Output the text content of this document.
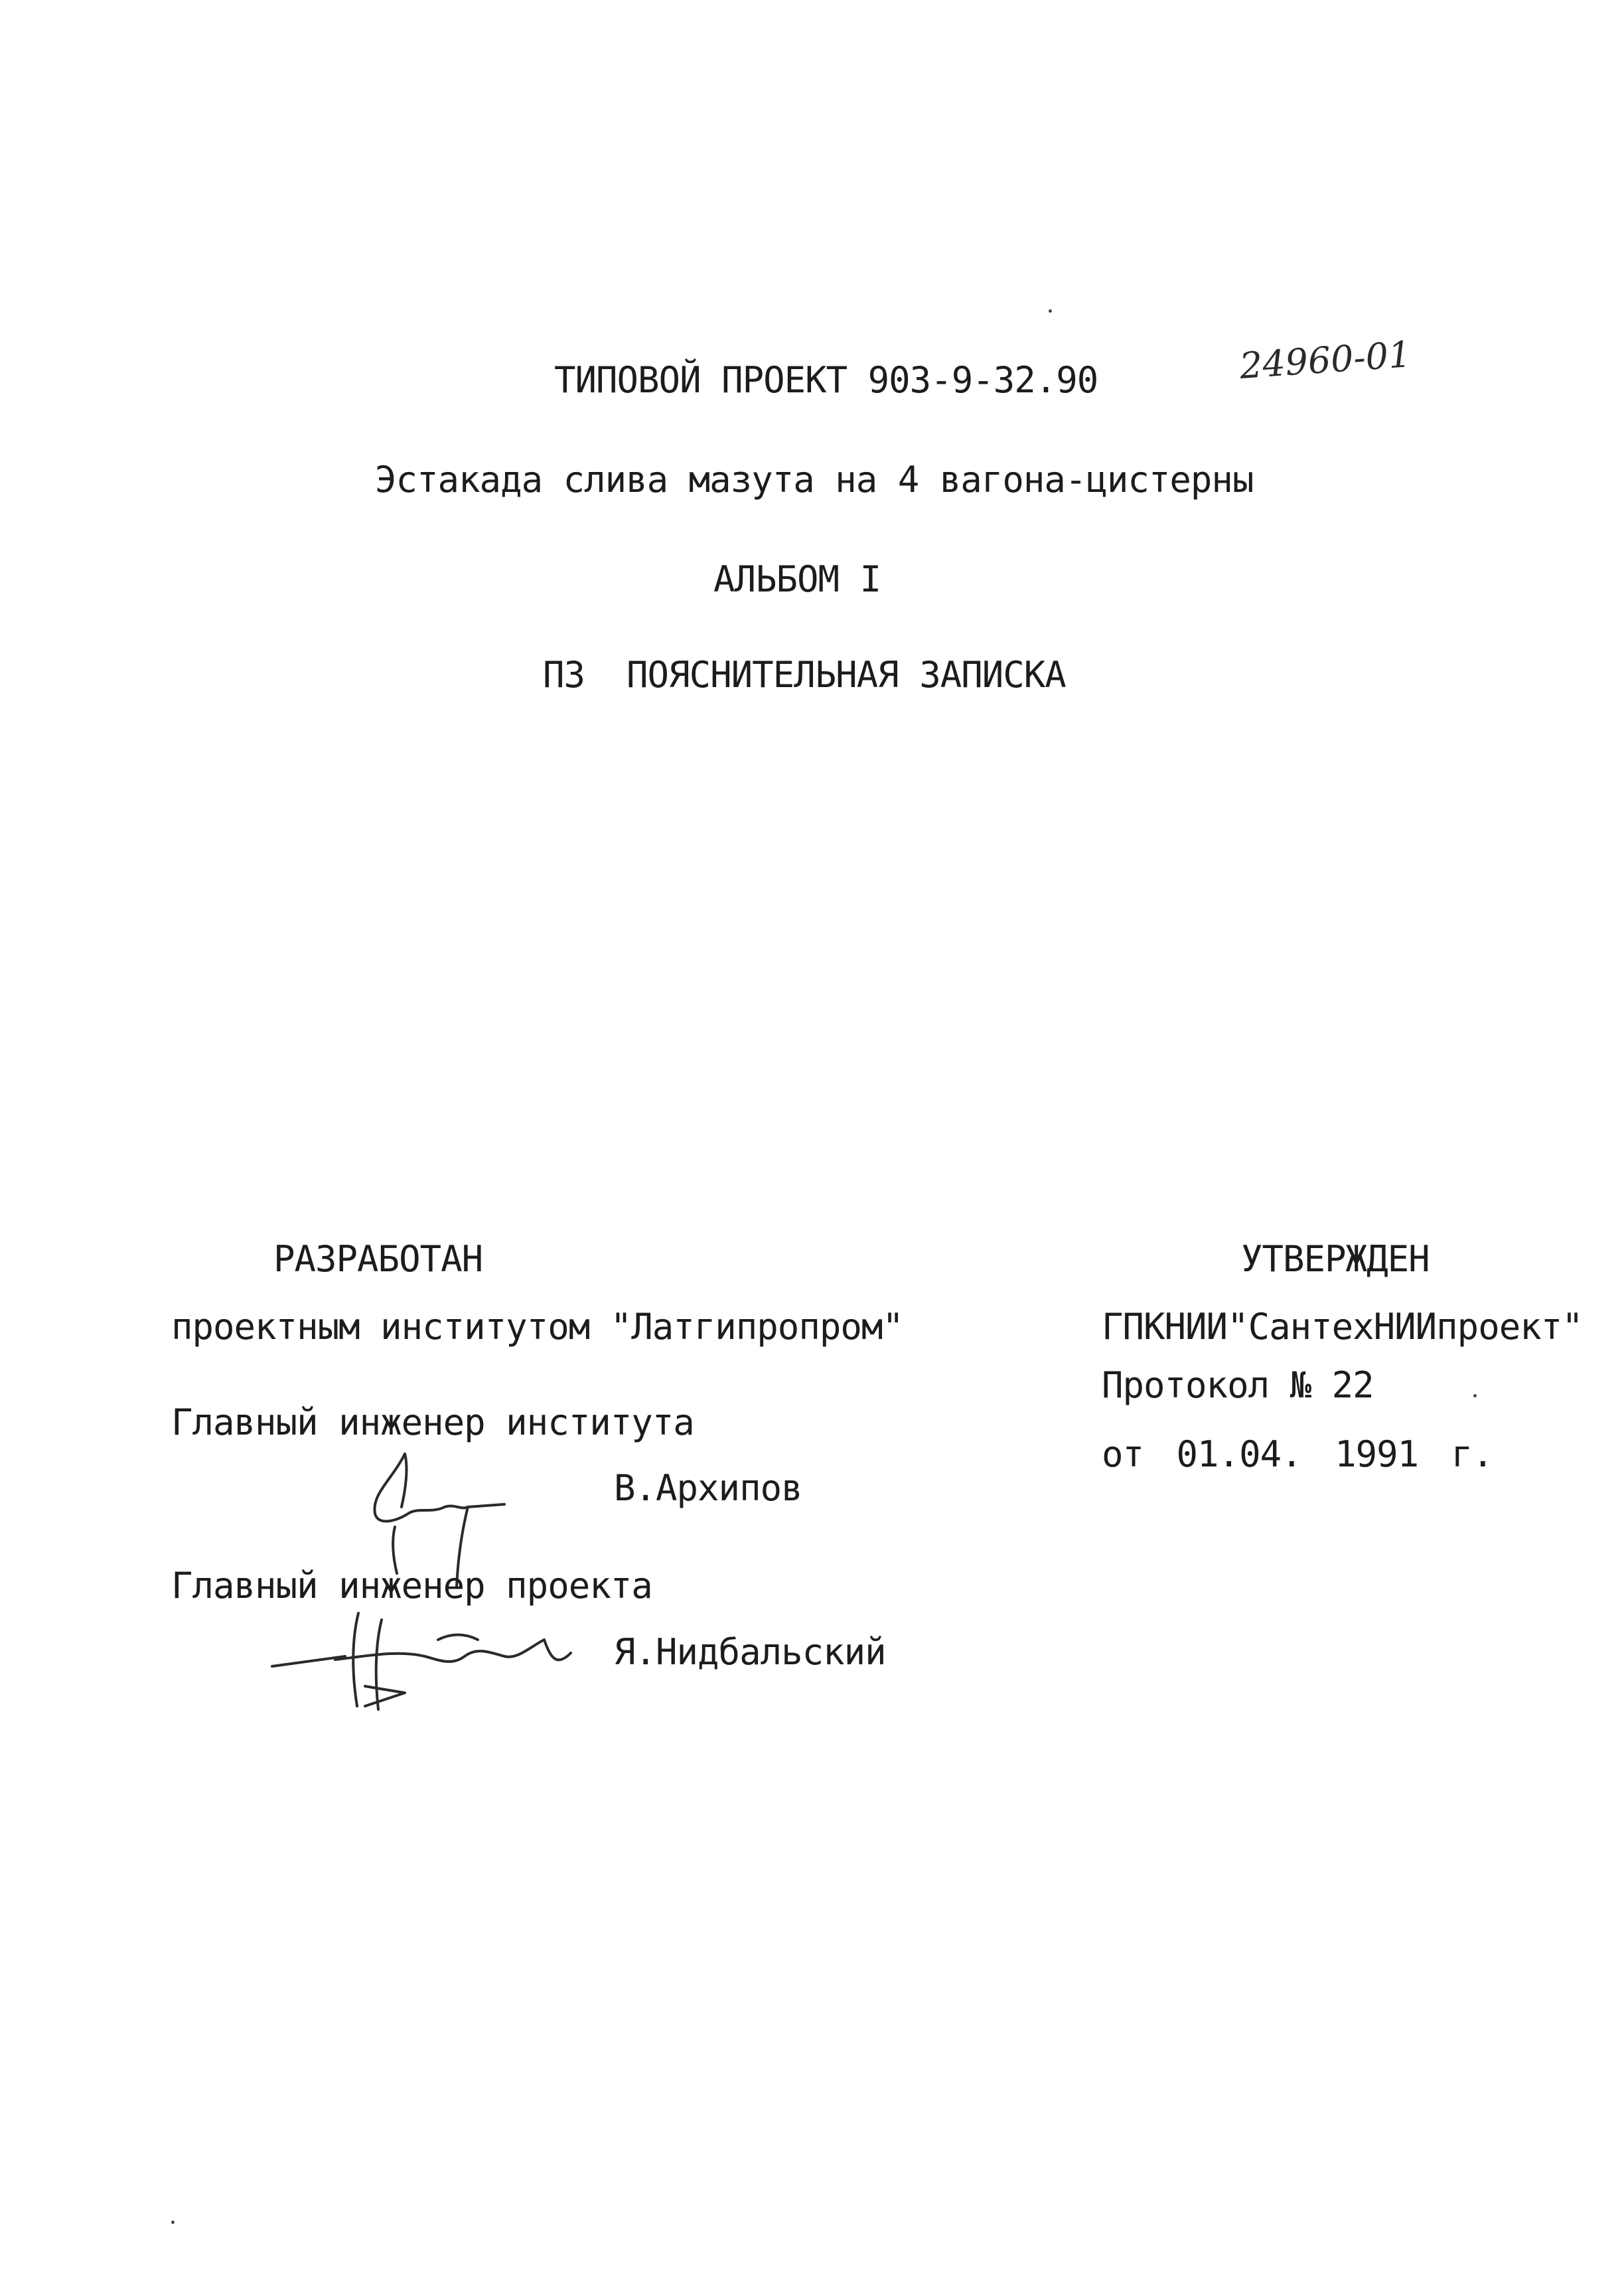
ТИПОВОЙ ПРОЕКТ 903-9-32.90	24960-01
Эстакада слива мазута на 4 вагона-цистерны
АЛЬБОМ I
ПЗ  ПОЯСНИТЕЛЬНАЯ ЗАПИСКА
РАЗРАБОТАН
проектным институтом "Латгипропром"
Главный инженер института
В.Архипов
Главный инженер проекта
Я.Нидбальский
УТВЕРЖДЕН
ГПКНИИ"СантехНИИпроект"
Протокол № 22
от 01.04. 1991 г.
